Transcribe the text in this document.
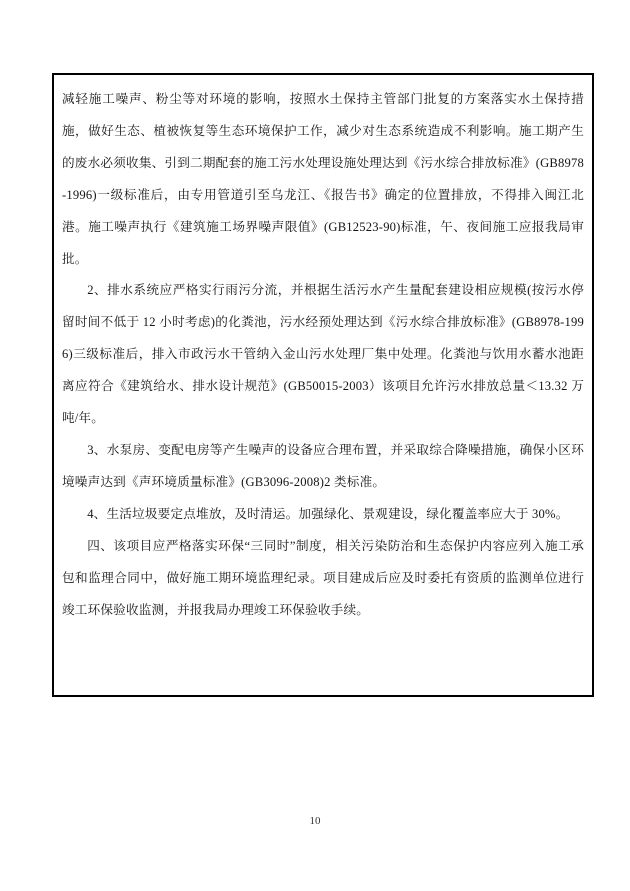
减轻施工噪声、粉尘等对环境的影响，按照水土保持主管部门批复的方案落实水土保持措施，做好生态、植被恢复等生态环境保护工作，减少对生态系统造成不利影响。施工期产生的废水必须收集、引到二期配套的施工污水处理设施处理达到《污水综合排放标准》(GB8978-1996)一级标准后，由专用管道引至乌龙江、《报告书》确定的位置排放，不得排入闽江北港。施工噪声执行《建筑施工场界噪声限值》(GB12523-90)标准，午、夜间施工应报我局审批。

2、排水系统应严格实行雨污分流，并根据生活污水产生量配套建设相应规模(按污水停留时间不低于 12 小时考虑)的化粪池，污水经预处理达到《污水综合排放标准》(GB8978-1996)三级标准后，排入市政污水干管纳入金山污水处理厂集中处理。化粪池与饮用水蓄水池距离应符合《建筑给水、排水设计规范》(GB50015-2003）该项目允许污水排放总量＜13.32 万吨/年。

3、水泵房、变配电房等产生噪声的设备应合理布置，并采取综合降噪措施，确保小区环境噪声达到《声环境质量标准》(GB3096-2008)2 类标准。

4、生活垃圾要定点堆放，及时清运。加强绿化、景观建设，绿化覆盖率应大于 30%。

四、该项目应严格落实环保“三同时”制度，相关污染防治和生态保护内容应列入施工承包和监理合同中，做好施工期环境监理纪录。项目建成后应及时委托有资质的监测单位进行竣工环保验收监测，并报我局办理竣工环保验收手续。

10
